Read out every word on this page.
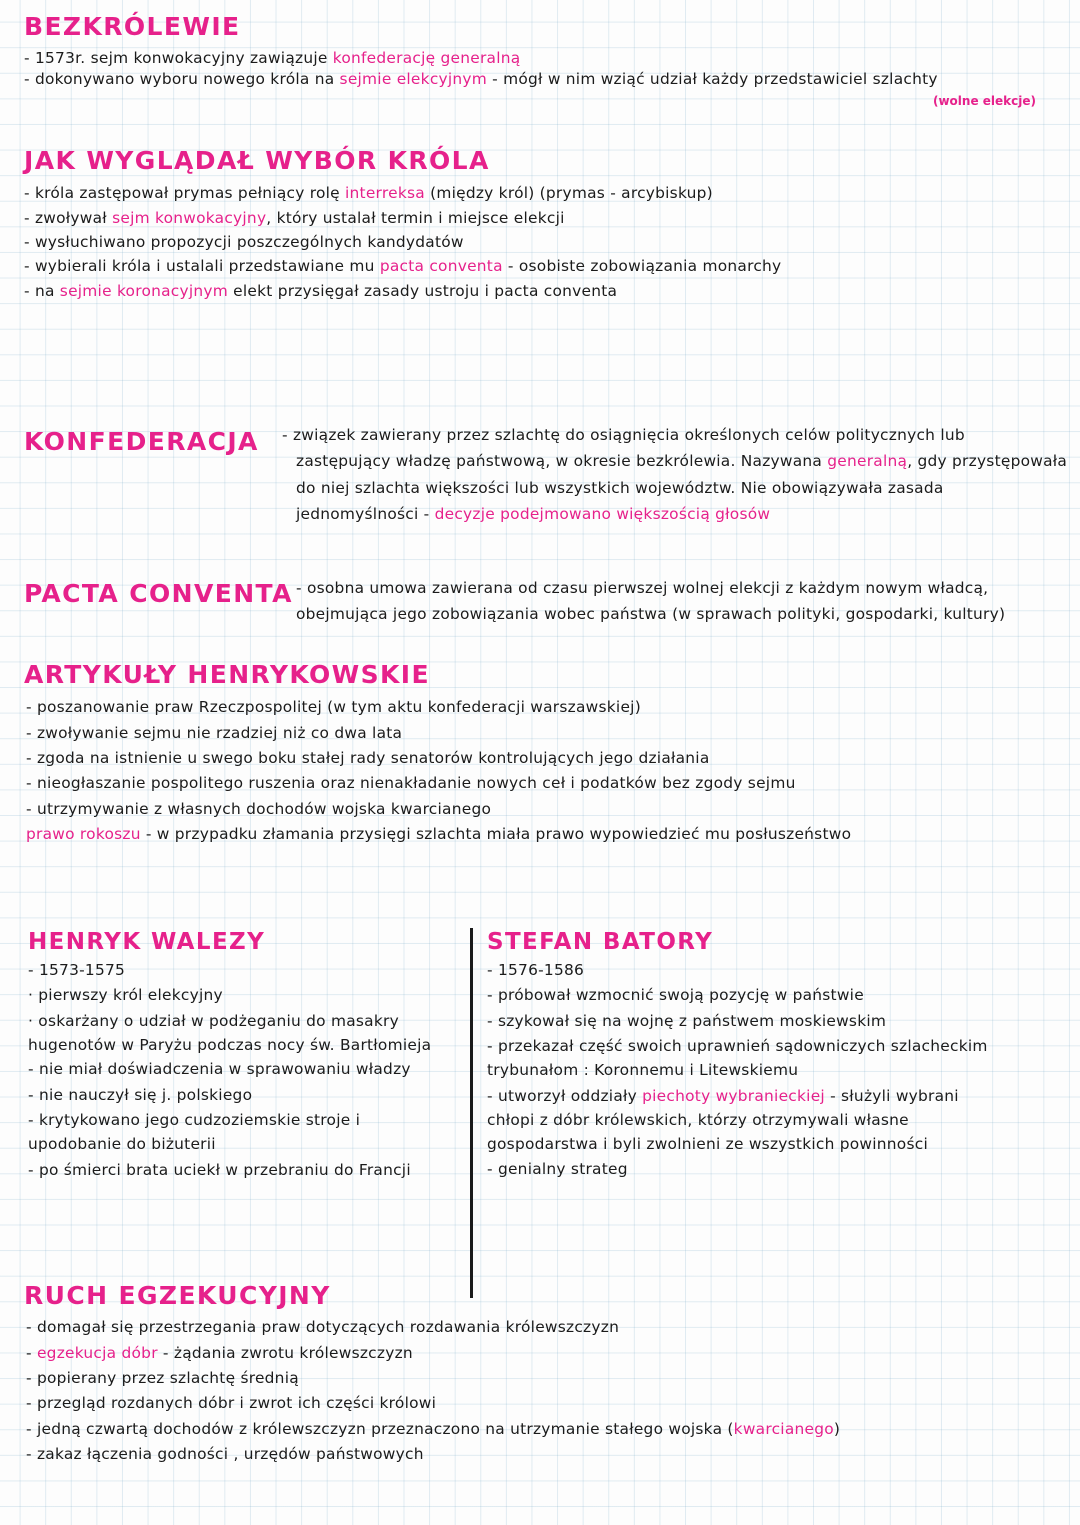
BEZKRÓLEWIE
- 1573r. sejm konwokacyjny zawiązuje konfederację generalną
- dokonywano wyboru nowego króla na sejmie elekcyjnym - mógł w nim wziąć udział każdy przedstawiciel szlachty
(wolne elekcje)
JAK WYGLĄDAŁ WYBÓR KRÓLA
- króla zastępował prymas pełniący rolę interreksa (między król) (prymas - arcybiskup)
- zwoływał sejm konwokacyjny, który ustalał termin i miejsce elekcji
- wysłuchiwano propozycji poszczególnych kandydatów
- wybierali króla i ustalali przedstawiane mu pacta conventa - osobiste zobowiązania monarchy
- na sejmie koronacyjnym elekt przysięgał zasady ustroju i pacta conventa
KONFEDERACJA	- związek zawierany przez szlachtę do osiągnięcia określonych celów politycznych lub
zastępujący władzę państwową, w okresie bezkrólewia. Nazywana generalną, gdy przystępowała
do niej szlachta większości lub wszystkich województw. Nie obowiązywała zasada
jednomyślności - decyzje podejmowano większością głosów
PACTA CONVENTA - osobna umowa zawierana od czasu pierwszej wolnej elekcji z każdym nowym władcą,
obejmująca jego zobowiązania wobec państwa (w sprawach polityki, gospodarki, kultury)
ARTYKUŁY HENRYKOWSKIE
- poszanowanie praw Rzeczpospolitej (w tym aktu konfederacji warszawskiej)
- zwoływanie sejmu nie rzadziej niż co dwa lata
- zgoda na istnienie u swego boku stałej rady senatorów kontrolujących jego działania
- nieogłaszanie pospolitego ruszenia oraz nienakładanie nowych ceł i podatków bez zgody sejmu
- utrzymywanie z własnych dochodów wojska kwarcianego
prawo rokoszu - w przypadku złamania przysięgi szlachta miała prawo wypowiedzieć mu posłuszeństwo
HENRYK WALEZY
- 1573-1575
· pierwszy król elekcyjny
· oskarżany o udział w podżeganiu do masakry
hugenotów w Paryżu podczas nocy św. Bartłomieja
- nie miał doświadczenia w sprawowaniu władzy
- nie nauczył się j. polskiego
- krytykowano jego cudzoziemskie stroje i
upodobanie do biżuterii
- po śmierci brata uciekł w przebraniu do Francji
STEFAN BATORY
- 1576-1586
- próbował wzmocnić swoją pozycję w państwie
- szykował się na wojnę z państwem moskiewskim
- przekazał część swoich uprawnień sądowniczych szlacheckim
trybunałom : Koronnemu i Litewskiemu
- utworzył oddziały piechoty wybranieckiej - służyli wybrani
chłopi z dóbr królewskich, którzy otrzymywali własne
gospodarstwa i byli zwolnieni ze wszystkich powinności
- genialny strateg
RUCH EGZEKUCYJNY
- domagał się przestrzegania praw dotyczących rozdawania królewszczyzn
- egzekucja dóbr - żądania zwrotu królewszczyzn
- popierany przez szlachtę średnią
- przegląd rozdanych dóbr i zwrot ich części królowi
- jedną czwartą dochodów z królewszczyzn przeznaczono na utrzymanie stałego wojska (kwarcianego)
- zakaz łączenia godności , urzędów państwowych
